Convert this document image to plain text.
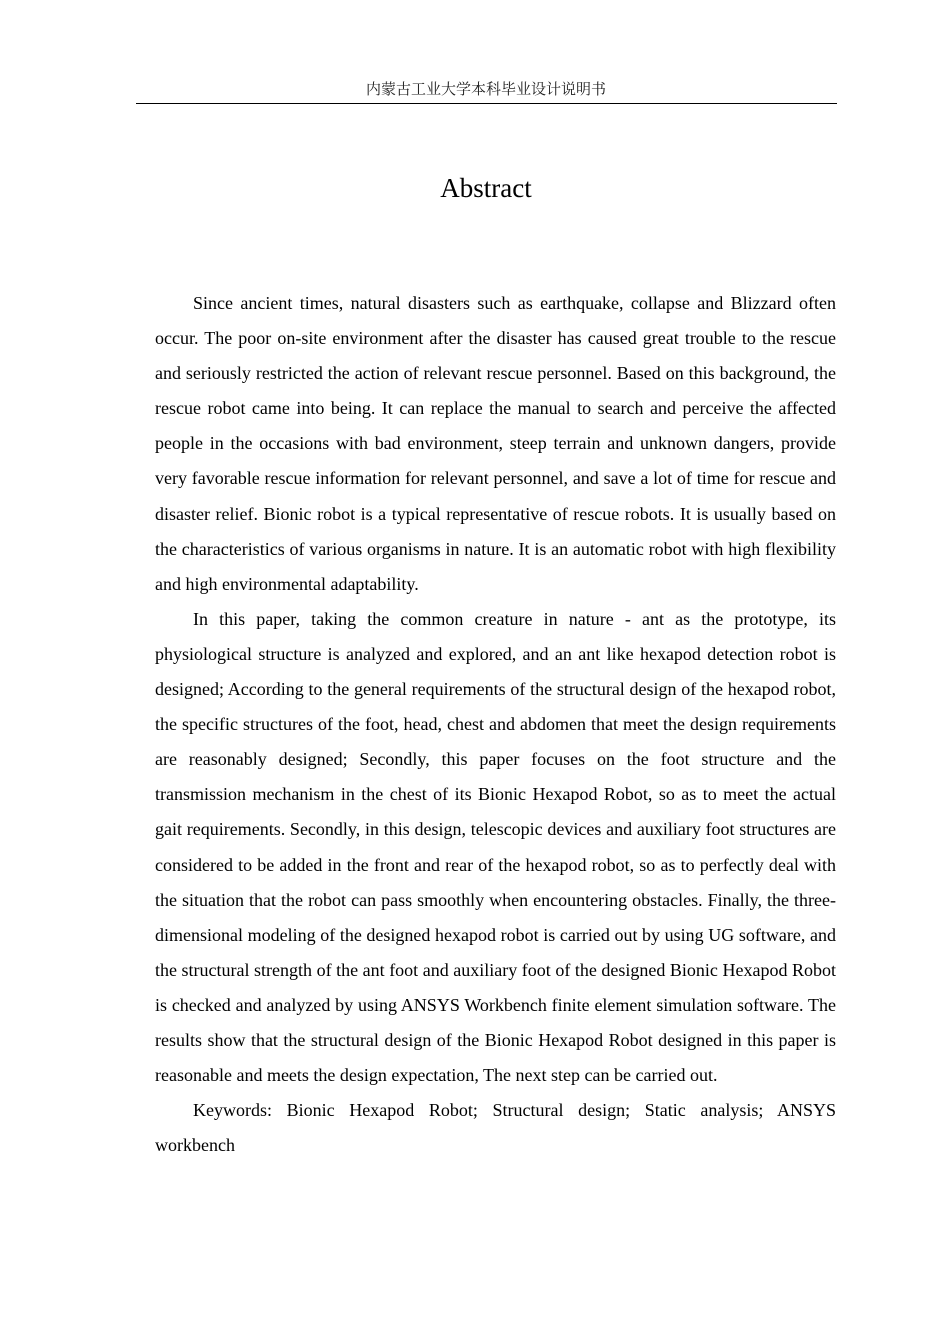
内蒙古工业大学本科毕业设计说明书
Abstract

Since ancient times, natural disasters such as earthquake, collapse and Blizzard often occur. The poor on-site environment after the disaster has caused great trouble to the rescue and seriously restricted the action of relevant rescue personnel. Based on this background, the rescue robot came into being. It can replace the manual to search and perceive the affected people in the occasions with bad environment, steep terrain and unknown dangers, provide very favorable rescue information for relevant personnel, and save a lot of time for rescue and disaster relief. Bionic robot is a typical representative of rescue robots. It is usually based on the characteristics of various organisms in nature. It is an automatic robot with high flexibility and high environmental adaptability.

In this paper, taking the common creature in nature - ant as the prototype, its physiological structure is analyzed and explored, and an ant like hexapod detection robot is designed; According to the general requirements of the structural design of the hexapod robot, the specific structures of the foot, head, chest and abdomen that meet the design requirements are reasonably designed; Secondly, this paper focuses on the foot structure and the transmission mechanism in the chest of its Bionic Hexapod Robot, so as to meet the actual gait requirements. Secondly, in this design, telescopic devices and auxiliary foot structures are considered to be added in the front and rear of the hexapod robot, so as to perfectly deal with the situation that the robot can pass smoothly when encountering obstacles. Finally, the three-dimensional modeling of the designed hexapod robot is carried out by using UG software, and the structural strength of the ant foot and auxiliary foot of the designed Bionic Hexapod Robot is checked and analyzed by using ANSYS Workbench finite element simulation software. The results show that the structural design of the Bionic Hexapod Robot designed in this paper is reasonable and meets the design expectation, The next step can be carried out.

Keywords: Bionic Hexapod Robot; Structural design; Static analysis; ANSYS workbench
